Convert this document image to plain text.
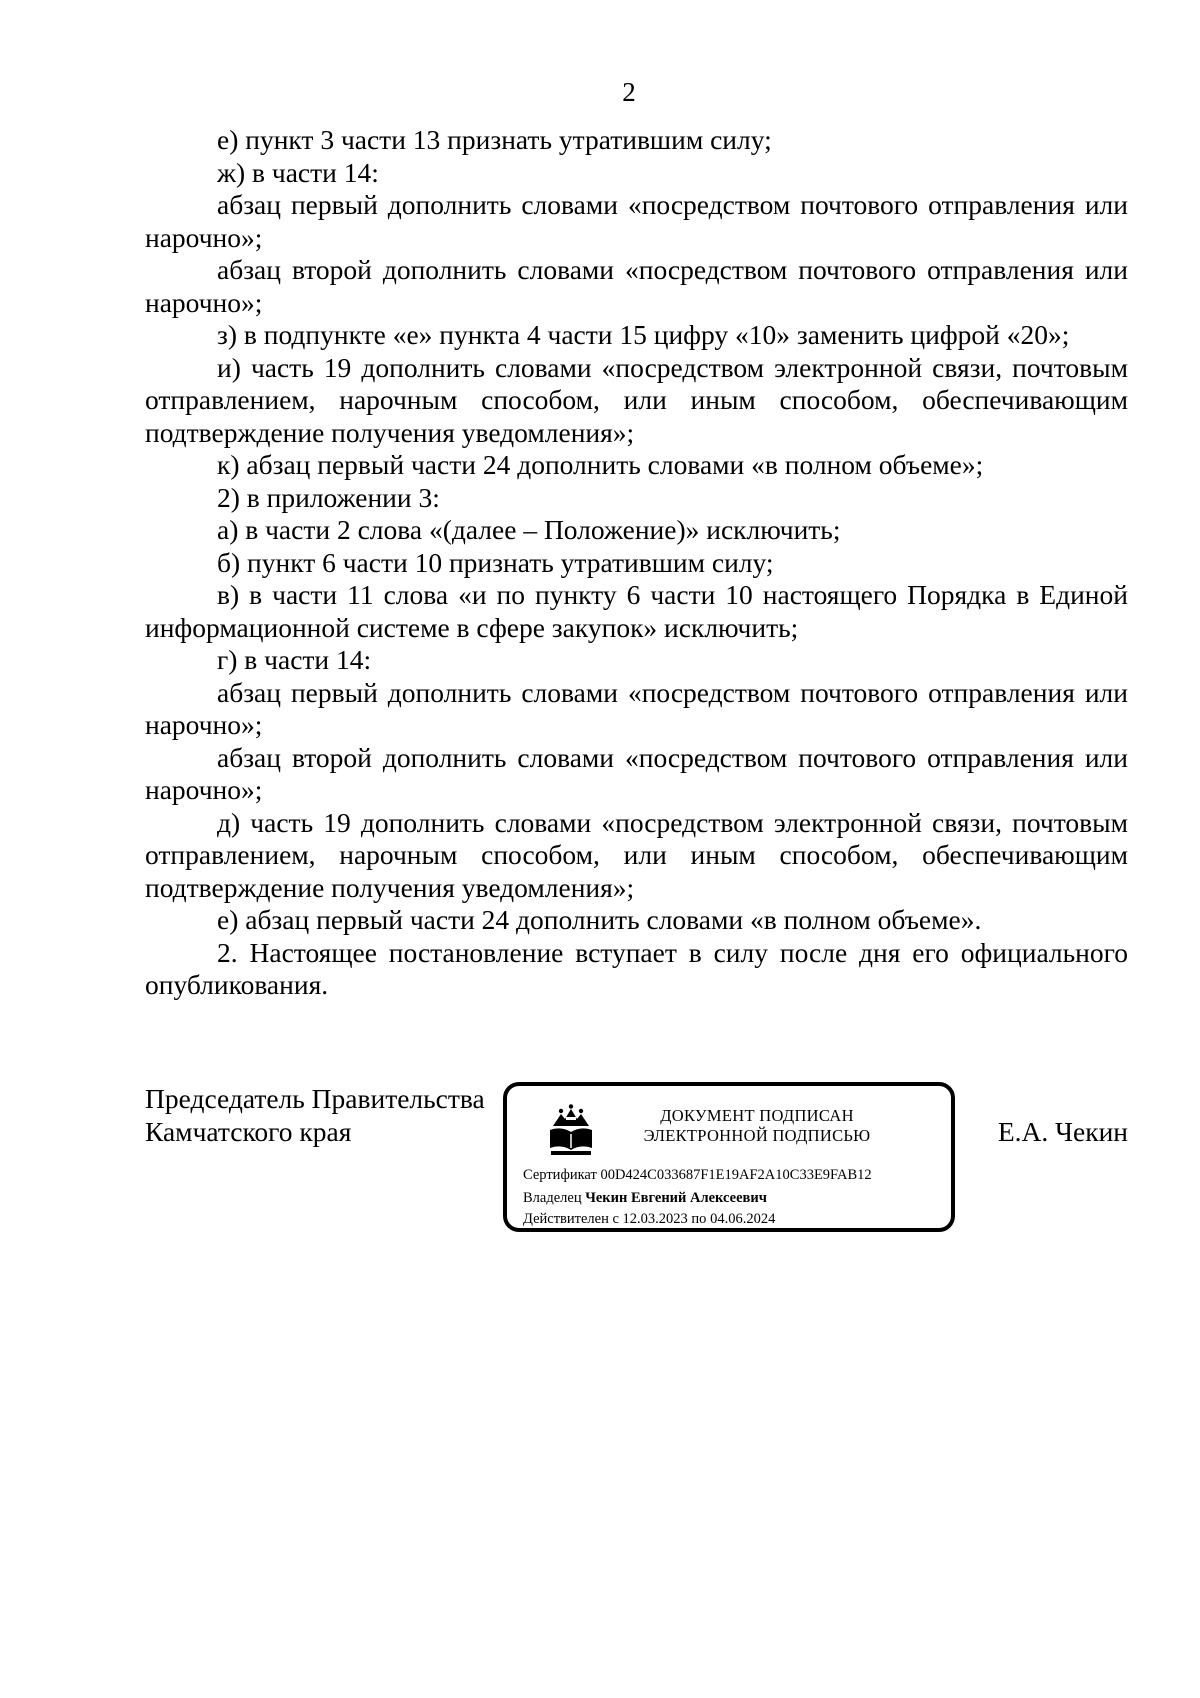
2

е) пункт 3 части 13 признать утратившим силу;

ж) в части 14:

абзац первый дополнить словами «посредством почтового отправления или нарочно»;

абзац второй дополнить словами «посредством почтового отправления или нарочно»;

з) в подпункте «е» пункта 4 части 15 цифру «10» заменить цифрой «20»;

и) часть 19 дополнить словами «посредством электронной связи, почтовым отправлением, нарочным способом, или иным способом, обеспечивающим подтверждение получения уведомления»;

к) абзац первый части 24 дополнить словами «в полном объеме»;

2) в приложении 3:

а) в части 2 слова «(далее – Положение)» исключить;

б) пункт 6 части 10 признать утратившим силу;

в) в части 11 слова «и по пункту 6 части 10 настоящего Порядка в Единой информационной системе в сфере закупок» исключить;

г) в части 14:

абзац первый дополнить словами «посредством почтового отправления или нарочно»;

абзац второй дополнить словами «посредством почтового отправления или нарочно»;

д) часть 19 дополнить словами «посредством электронной связи, почтовым отправлением, нарочным способом, или иным способом, обеспечивающим подтверждение получения уведомления»;

е) абзац первый части 24 дополнить словами «в полном объеме».

2. Настоящее постановление вступает в силу после дня его официального опубликования.

Председатель Правительства
Камчатского края
ДОКУМЕНТ ПОДПИСАН
ЭЛЕКТРОННОЙ ПОДПИСЬЮ
Сертификат 00D424C033687F1E19AF2A10C33E9FAB12
Владелец Чекин Евгений Алексеевич
Действителен с 12.03.2023 по 04.06.2024
Е.А. Чекин
